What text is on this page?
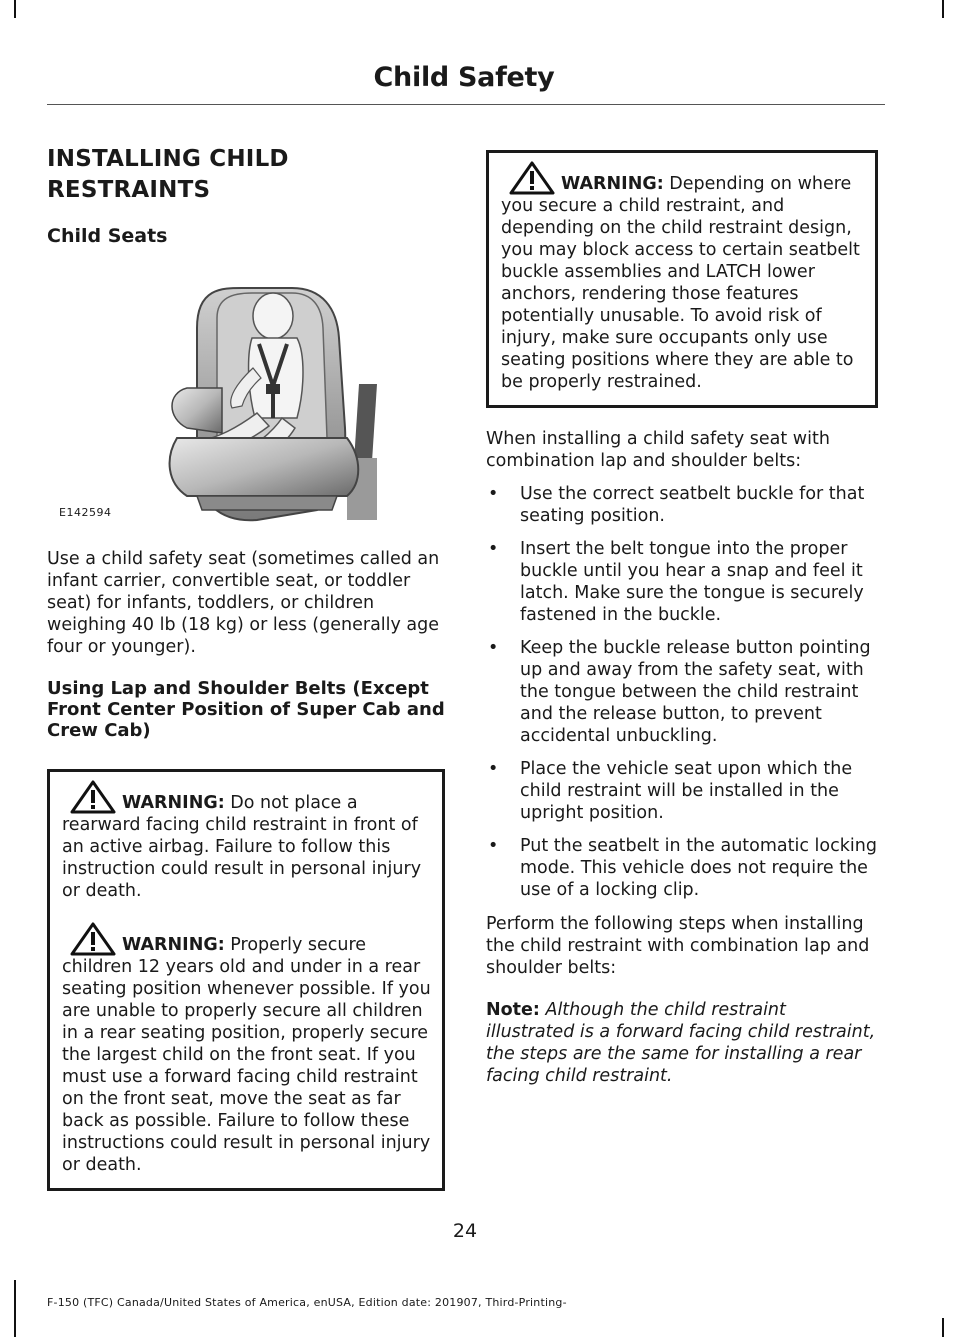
Child Safety
INSTALLING CHILD
RESTRAINTS
Child Seats
E142594

Use a child safety seat (sometimes called an infant carrier, convertible seat, or toddler seat) for infants, toddlers, or children weighing 40 lb (18 kg) or less (generally age four or younger).

Using Lap and Shoulder Belts (Except Front Center Position of Super Cab and Crew Cab)

WARNING: Do not place a rearward facing child restraint in front of an active airbag. Failure to follow this instruction could result in personal injury or death.

WARNING: Properly secure children 12 years old and under in a rear seating position whenever possible. If you are unable to properly secure all children in a rear seating position, properly secure the largest child on the front seat. If you must use a forward facing child restraint on the front seat, move the seat as far back as possible. Failure to follow these instructions could result in personal injury or death.

WARNING: Depending on where you secure a child restraint, and depending on the child restraint design, you may block access to certain seatbelt buckle assemblies and LATCH lower anchors, rendering those features potentially unusable. To avoid risk of injury, make sure occupants only use seating positions where they are able to be properly restrained.

When installing a child safety seat with combination lap and shoulder belts:

• Use the correct seatbelt buckle for that seating position.
• Insert the belt tongue into the proper buckle until you hear a snap and feel it latch. Make sure the tongue is securely fastened in the buckle.
• Keep the buckle release button pointing up and away from the safety seat, with the tongue between the child restraint and the release button, to prevent accidental unbuckling.
• Place the vehicle seat upon which the child restraint will be installed in the upright position.
• Put the seatbelt in the automatic locking mode. This vehicle does not require the use of a locking clip.

Perform the following steps when installing the child restraint with combination lap and shoulder belts:

Note: Although the child restraint illustrated is a forward facing child restraint, the steps are the same for installing a rear facing child restraint.

24
F-150 (TFC) Canada/United States of America, enUSA, Edition date: 201907, Third-Printing-
